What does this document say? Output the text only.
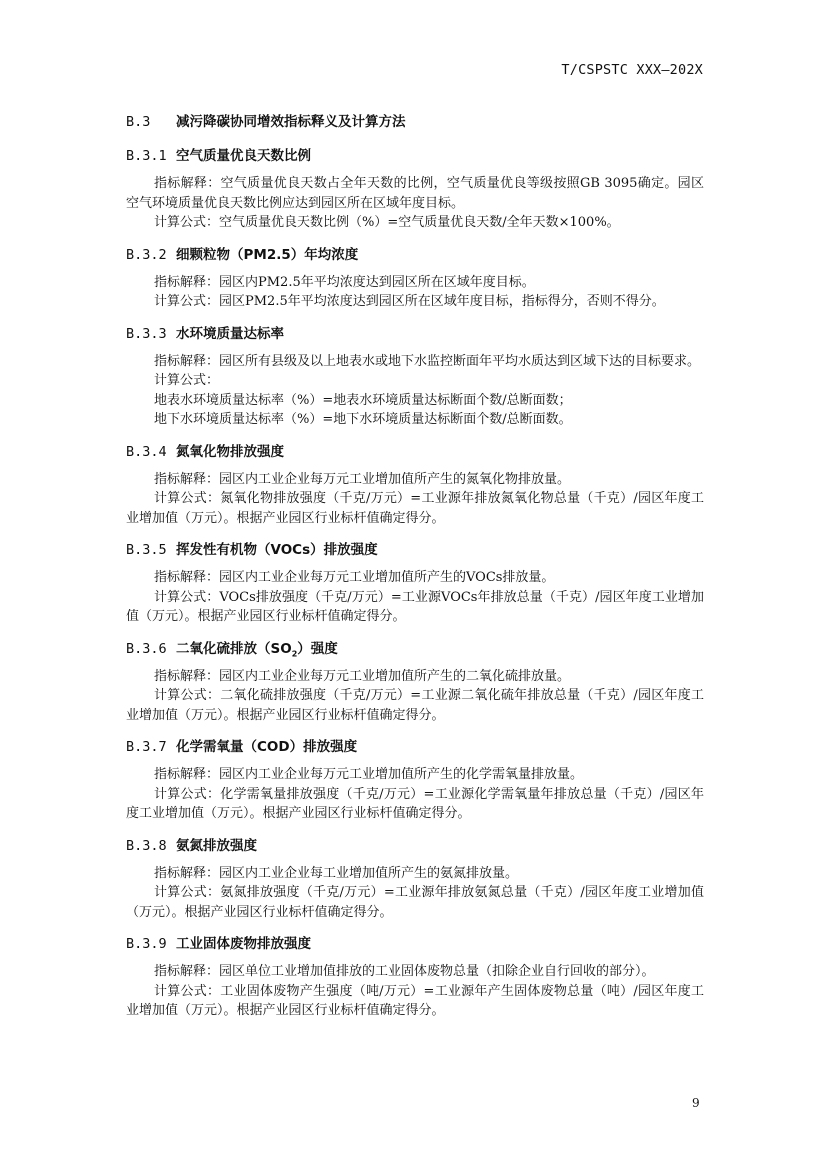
T/CSPSTC XXX—202X
B.3 减污降碳协同增效指标释义及计算方法
B.3.1 空气质量优良天数比例

指标解释：空气质量优良天数占全年天数的比例，空气质量优良等级按照GB 3095确定。园区空气环境质量优良天数比例应达到园区所在区域年度目标。

计算公式：空气质量优良天数比例（%）=空气质量优良天数/全年天数×100%。

B.3.2 细颗粒物（PM2.5）年均浓度

指标解释：园区内PM2.5年平均浓度达到园区所在区域年度目标。

计算公式：园区PM2.5年平均浓度达到园区所在区域年度目标，指标得分，否则不得分。

B.3.3 水环境质量达标率

指标解释：园区所有县级及以上地表水或地下水监控断面年平均水质达到区域下达的目标要求。

计算公式：

地表水环境质量达标率（%）=地表水环境质量达标断面个数/总断面数；

地下水环境质量达标率（%）=地下水环境质量达标断面个数/总断面数。

B.3.4 氮氧化物排放强度

指标解释：园区内工业企业每万元工业增加值所产生的氮氧化物排放量。

计算公式：氮氧化物排放强度（千克/万元）=工业源年排放氮氧化物总量（千克）/园区年度工业增加值（万元）。根据产业园区行业标杆值确定得分。

B.3.5 挥发性有机物（VOCs）排放强度

指标解释：园区内工业企业每万元工业增加值所产生的VOCs排放量。

计算公式：VOCs排放强度（千克/万元）=工业源VOCs年排放总量（千克）/园区年度工业增加值（万元）。根据产业园区行业标杆值确定得分。

B.3.6 二氧化硫排放$(SO_2)$强度

指标解释：园区内工业企业每万元工业增加值所产生的二氧化硫排放量。

计算公式：二氧化硫排放强度（千克/万元）=工业源二氧化硫年排放总量（千克）/园区年度工业增加值（万元）。根据产业园区行业标杆值确定得分。

B.3.7 化学需氧量（COD）排放强度

指标解释：园区内工业企业每万元工业增加值所产生的化学需氧量排放量。

计算公式：化学需氧量排放强度（千克/万元）=工业源化学需氧量年排放总量（千克）/园区年度工业增加值（万元）。根据产业园区行业标杆值确定得分。

B.3.8 氨氮排放强度

指标解释：园区内工业企业每工业增加值所产生的氨氮排放量。

计算公式：氨氮排放强度（千克/万元）=工业源年排放氨氮总量（千克）/园区年度工业增加值（万元）。根据产业园区行业标杆值确定得分。

B.3.9 工业固体废物排放强度

指标解释：园区单位工业增加值排放的工业固体废物总量（扣除企业自行回收的部分）。

计算公式：工业固体废物产生强度（吨/万元）=工业源年产生固体废物总量（吨）/园区年度工业增加值（万元）。根据产业园区行业标杆值确定得分。

9
